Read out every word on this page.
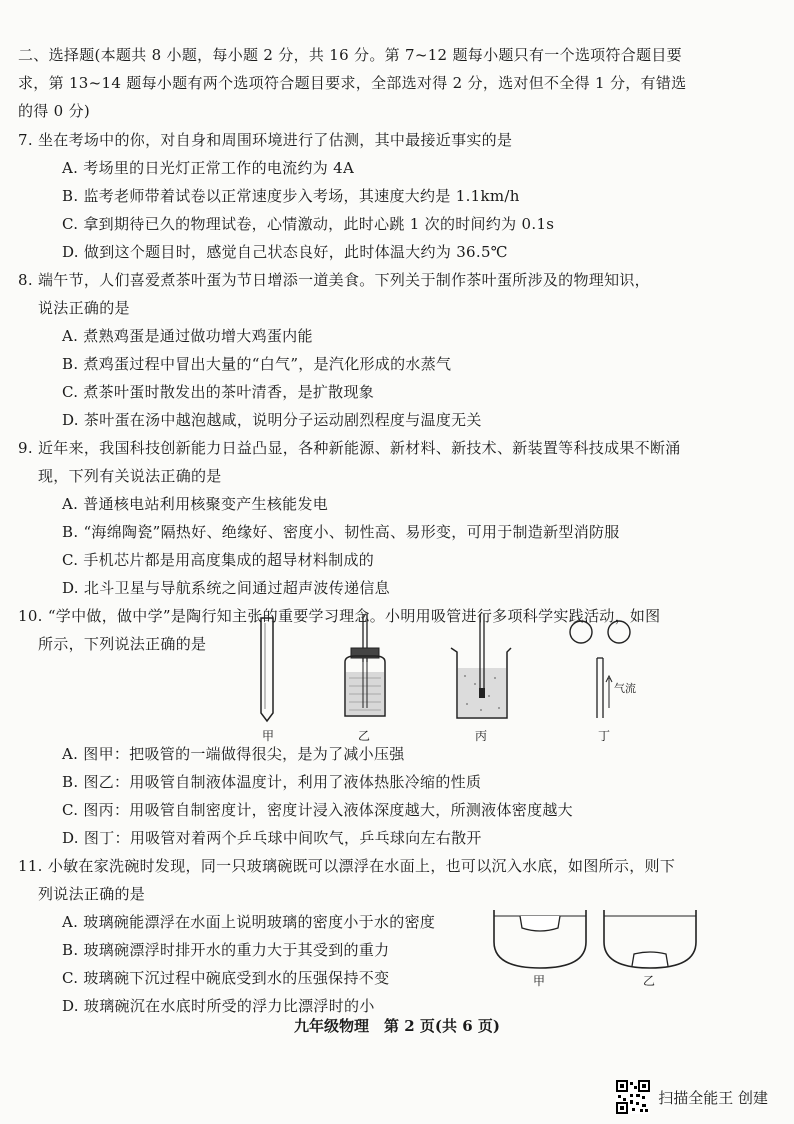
二、选择题(本题共 8 小题，每小题 2 分，共 16 分。第 7~12 题每小题只有一个选项符合题目要
求，第 13~14 题每小题有两个选项符合题目要求，全部选对得 2 分，选对但不全得 1 分，有错选
的得 0 分)
7. 坐在考场中的你，对自身和周围环境进行了估测，其中最接近事实的是
A. 考场里的日光灯正常工作的电流约为 4A
B. 监考老师带着试卷以正常速度步入考场，其速度大约是 1.1km/h
C. 拿到期待已久的物理试卷，心情激动，此时心跳 1 次的时间约为 0.1s
D. 做到这个题目时，感觉自己状态良好，此时体温大约为 36.5℃
8. 端午节，人们喜爱煮茶叶蛋为节日增添一道美食。下列关于制作茶叶蛋所涉及的物理知识，
说法正确的是
A. 煮熟鸡蛋是通过做功增大鸡蛋内能
B. 煮鸡蛋过程中冒出大量的“白气”，是汽化形成的水蒸气
C. 煮茶叶蛋时散发出的茶叶清香，是扩散现象
D. 茶叶蛋在汤中越泡越咸，说明分子运动剧烈程度与温度无关
9. 近年来，我国科技创新能力日益凸显，各种新能源、新材料、新技术、新装置等科技成果不断涌
现，下列有关说法正确的是
A. 普通核电站利用核聚变产生核能发电
B. “海绵陶瓷”隔热好、绝缘好、密度小、韧性高、易形变，可用于制造新型消防服
C. 手机芯片都是用高度集成的超导材料制成的
D. 北斗卫星与导航系统之间通过超声波传递信息
10. “学中做，做中学”是陶行知主张的重要学习理念。小明用吸管进行多项科学实践活动，如图
所示，下列说法正确的是
甲	乙	丙
气流
丁
A. 图甲：把吸管的一端做得很尖，是为了减小压强
B. 图乙：用吸管自制液体温度计，利用了液体热胀冷缩的性质
C. 图丙：用吸管自制密度计，密度计浸入液体深度越大，所测液体密度越大
D. 图丁：用吸管对着两个乒乓球中间吹气，乒乓球向左右散开
11. 小敏在家洗碗时发现，同一只玻璃碗既可以漂浮在水面上，也可以沉入水底，如图所示，则下
列说法正确的是
A. 玻璃碗能漂浮在水面上说明玻璃的密度小于水的密度
B. 玻璃碗漂浮时排开水的重力大于其受到的重力
C. 玻璃碗下沉过程中碗底受到水的压强保持不变
D. 玻璃碗沉在水底时所受的浮力比漂浮时的小
甲	乙
九年级物理　第 2 页(共 6 页)
扫描全能王 创建
